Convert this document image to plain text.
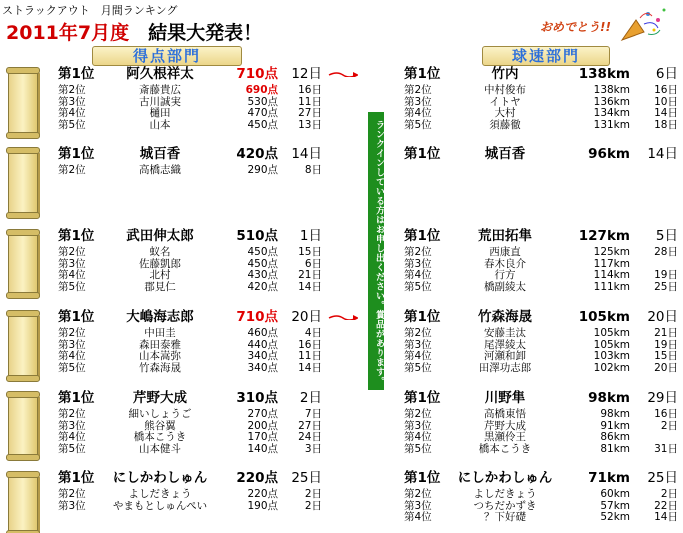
ストラックアウト　月間ランキング
2011年7月度　 結果大発表！	おめでとう!!
得点部門	球速部門
ランクインしている方はお申し出ください。賞品があります。
第1位	阿久根祥太	710点 12日
第2位	斎藤貴広	690点	16日
第3位	古川誠実	530点	11日
第4位	樋田	470点	27日
第5位	山本	450点	13日
第1位	竹内	138km	6日
第2位	中村俊布	138km	16日
第3位	イトヤ	136km	10日
第4位	大村	134km	14日
第5位	須藤徹	131km	18日
第1位	城百香	420点 14日
第2位	高橋志織	290点	8日
第1位	城百香	96km	14日
第1位	武田伸太郎	510点	1日
第2位	蚁名	450点	15日
第3位	佐藤凱郎	450点	6日
第4位	北村	430点	21日
第5位	郡見仁	420点	14日
第1位	荒田拓隼	127km	5日
第2位	西康直	125km	28日
第3位	春木良介	117km
第4位	行方	114km	19日
第5位	橋副綾太	111km	25日
第1位	大嶋海志郎	710点 20日
第2位	中田圭	460点	4日
第3位	森田泰雅	440点	16日
第4位	山本嵩弥	340点	11日
第5位	竹森海晟	340点	14日
第1位	竹森海晟	105km	20日
第2位	安藤圭汰	105km	21日
第3位	尾澤綾太	105km	19日
第4位	河瀬和卸	103km	15日
第5位	田澤功志郎	102km	20日
第1位	芹野大成	310点	2日
第2位	細いしょうご	270点	7日
第3位	熊谷翼	200点	27日
第4位	橋本こうき	170点	24日
第5位	山本健斗	140点	3日
第1位	川野隼	98km	29日
第2位	高橋東悟	98km	16日
第3位	芹野大成	91km	2日
第4位	黒瀬伶王	86km
第5位	橋本こうき	81km	31日
第1位	にしかわしゅん	220点 25日
第2位	よしだきょう	220点	2日
第3位	やまもとしゅんぺい	190点	2日
第1位	にしかわしゅん	71km	25日
第2位	よしだきょう	60km	2日
第3位	つちだかずき	57km	22日
第4位	？下好礎	52km	14日
